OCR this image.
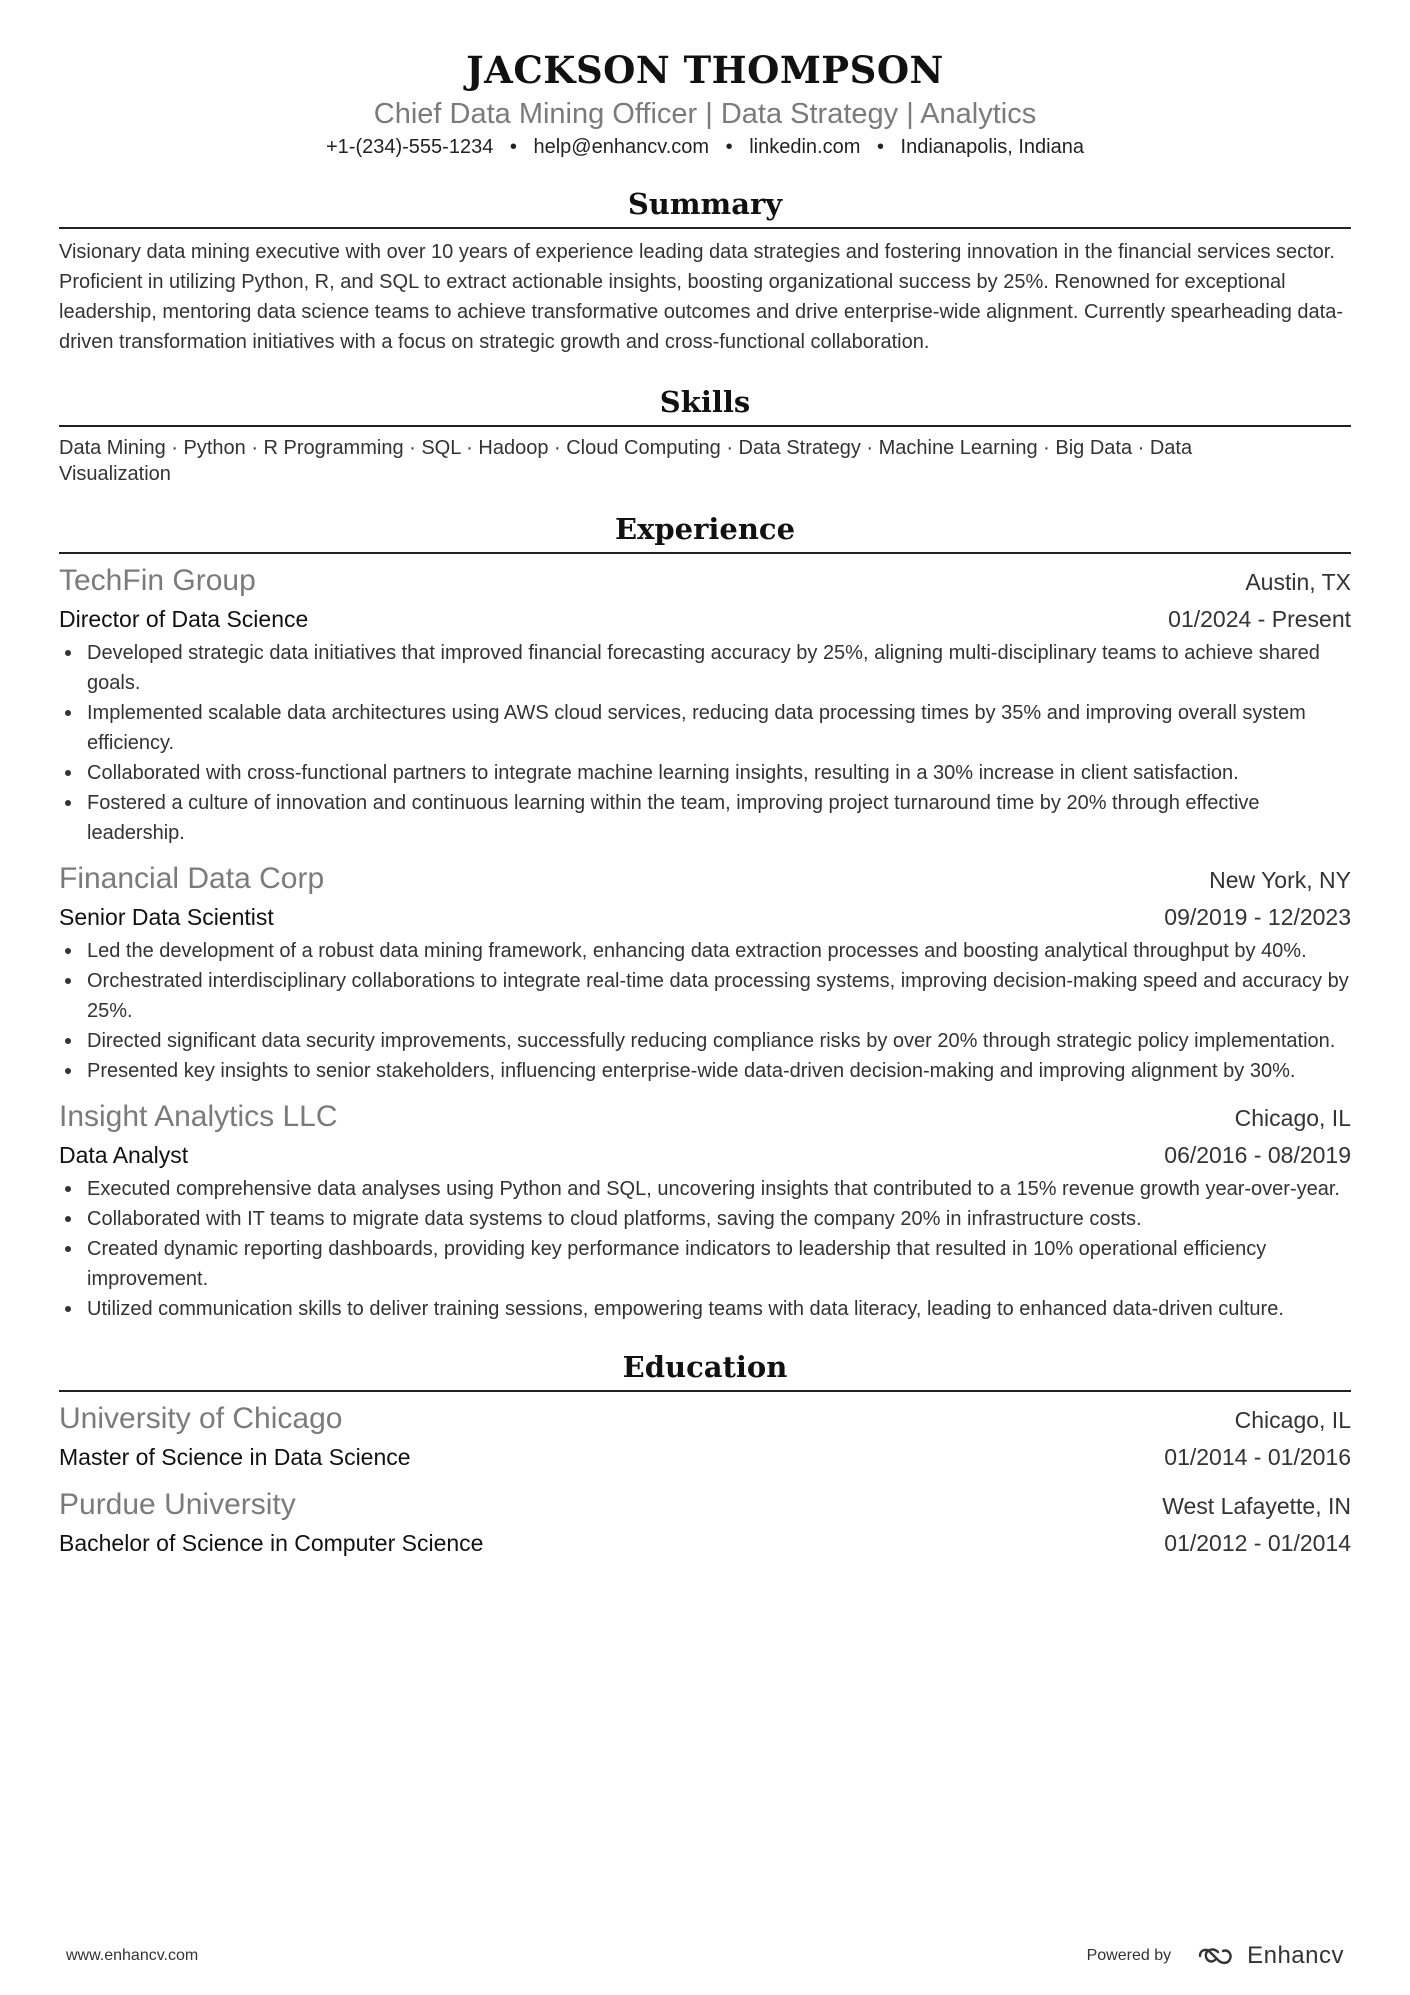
JACKSON THOMPSON
Chief Data Mining Officer | Data Strategy | Analytics
+1-(234)-555-1234 • help@enhancv.com • linkedin.com • Indianapolis, Indiana
Summary

Visionary data mining executive with over 10 years of experience leading data strategies and fostering innovation in the financial services sector. Proficient in utilizing Python, R, and SQL to extract actionable insights, boosting organizational success by 25%. Renowned for exceptional leadership, mentoring data science teams to achieve transformative outcomes and drive enterprise-wide alignment. Currently spearheading data-driven transformation initiatives with a focus on strategic growth and cross-functional collaboration.

Skills

Data Mining · Python · R Programming · SQL · Hadoop · Cloud Computing · Data Strategy · Machine Learning · Big Data · Data Visualization

Experience
TechFin Group	Austin, TX
Director of Data Science	01/2024 - Present
Developed strategic data initiatives that improved financial forecasting accuracy by 25%, aligning multi-disciplinary teams to achieve shared goals.
Implemented scalable data architectures using AWS cloud services, reducing data processing times by 35% and improving overall system efficiency.
Collaborated with cross-functional partners to integrate machine learning insights, resulting in a 30% increase in client satisfaction.
Fostered a culture of innovation and continuous learning within the team, improving project turnaround time by 20% through effective leadership.
Financial Data Corp	New York, NY
Senior Data Scientist	09/2019 - 12/2023
Led the development of a robust data mining framework, enhancing data extraction processes and boosting analytical throughput by 40%.
Orchestrated interdisciplinary collaborations to integrate real-time data processing systems, improving decision-making speed and accuracy by 25%.
Directed significant data security improvements, successfully reducing compliance risks by over 20% through strategic policy implementation.
Presented key insights to senior stakeholders, influencing enterprise-wide data-driven decision-making and improving alignment by 30%.
Insight Analytics LLC	Chicago, IL
Data Analyst	06/2016 - 08/2019
Executed comprehensive data analyses using Python and SQL, uncovering insights that contributed to a 15% revenue growth year-over-year.
Collaborated with IT teams to migrate data systems to cloud platforms, saving the company 20% in infrastructure costs.
Created dynamic reporting dashboards, providing key performance indicators to leadership that resulted in 10% operational efficiency improvement.
Utilized communication skills to deliver training sessions, empowering teams with data literacy, leading to enhanced data-driven culture.
Education
University of Chicago	Chicago, IL
Master of Science in Data Science	01/2014 - 01/2016
Purdue University	West Lafayette, IN
Bachelor of Science in Computer Science	01/2012 - 01/2014
www.enhancv.com	Powered by	Enhancv
